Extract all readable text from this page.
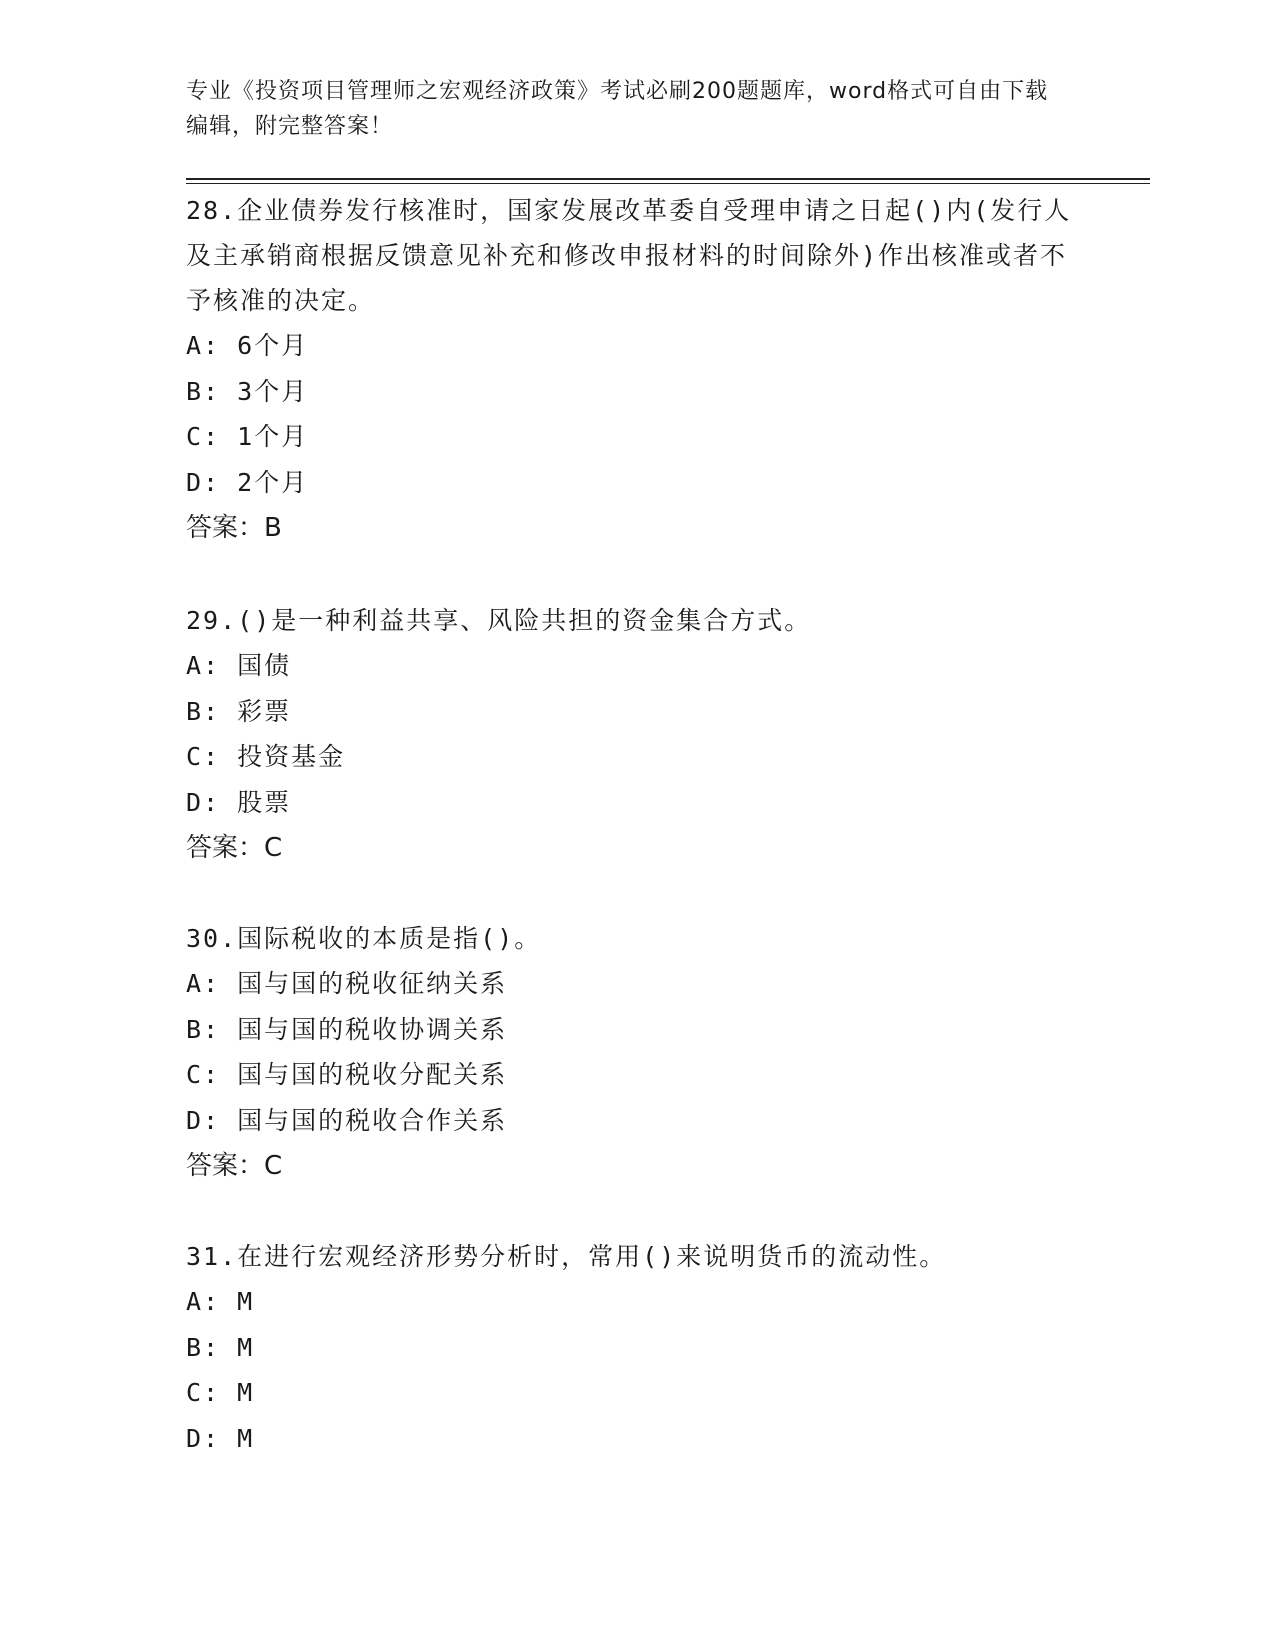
专业《投资项目管理师之宏观经济政策》考试必刷200题题库，word格式可自由下载编辑，附完整答案！
28.企业债券发行核准时，国家发展改革委自受理申请之日起()内(发行人及主承销商根据反馈意见补充和修改申报材料的时间除外)作出核准或者不予核准的决定。
A: 6个月
B: 3个月
C: 1个月
D: 2个月
答案：B
29.()是一种利益共享、风险共担的资金集合方式。
A: 国债
B: 彩票
C: 投资基金
D: 股票
答案：C
30.国际税收的本质是指()。
A: 国与国的税收征纳关系
B: 国与国的税收协调关系
C: 国与国的税收分配关系
D: 国与国的税收合作关系
答案：C
31.在进行宏观经济形势分析时，常用()来说明货币的流动性。
A: M
B: M
C: M
D: M
